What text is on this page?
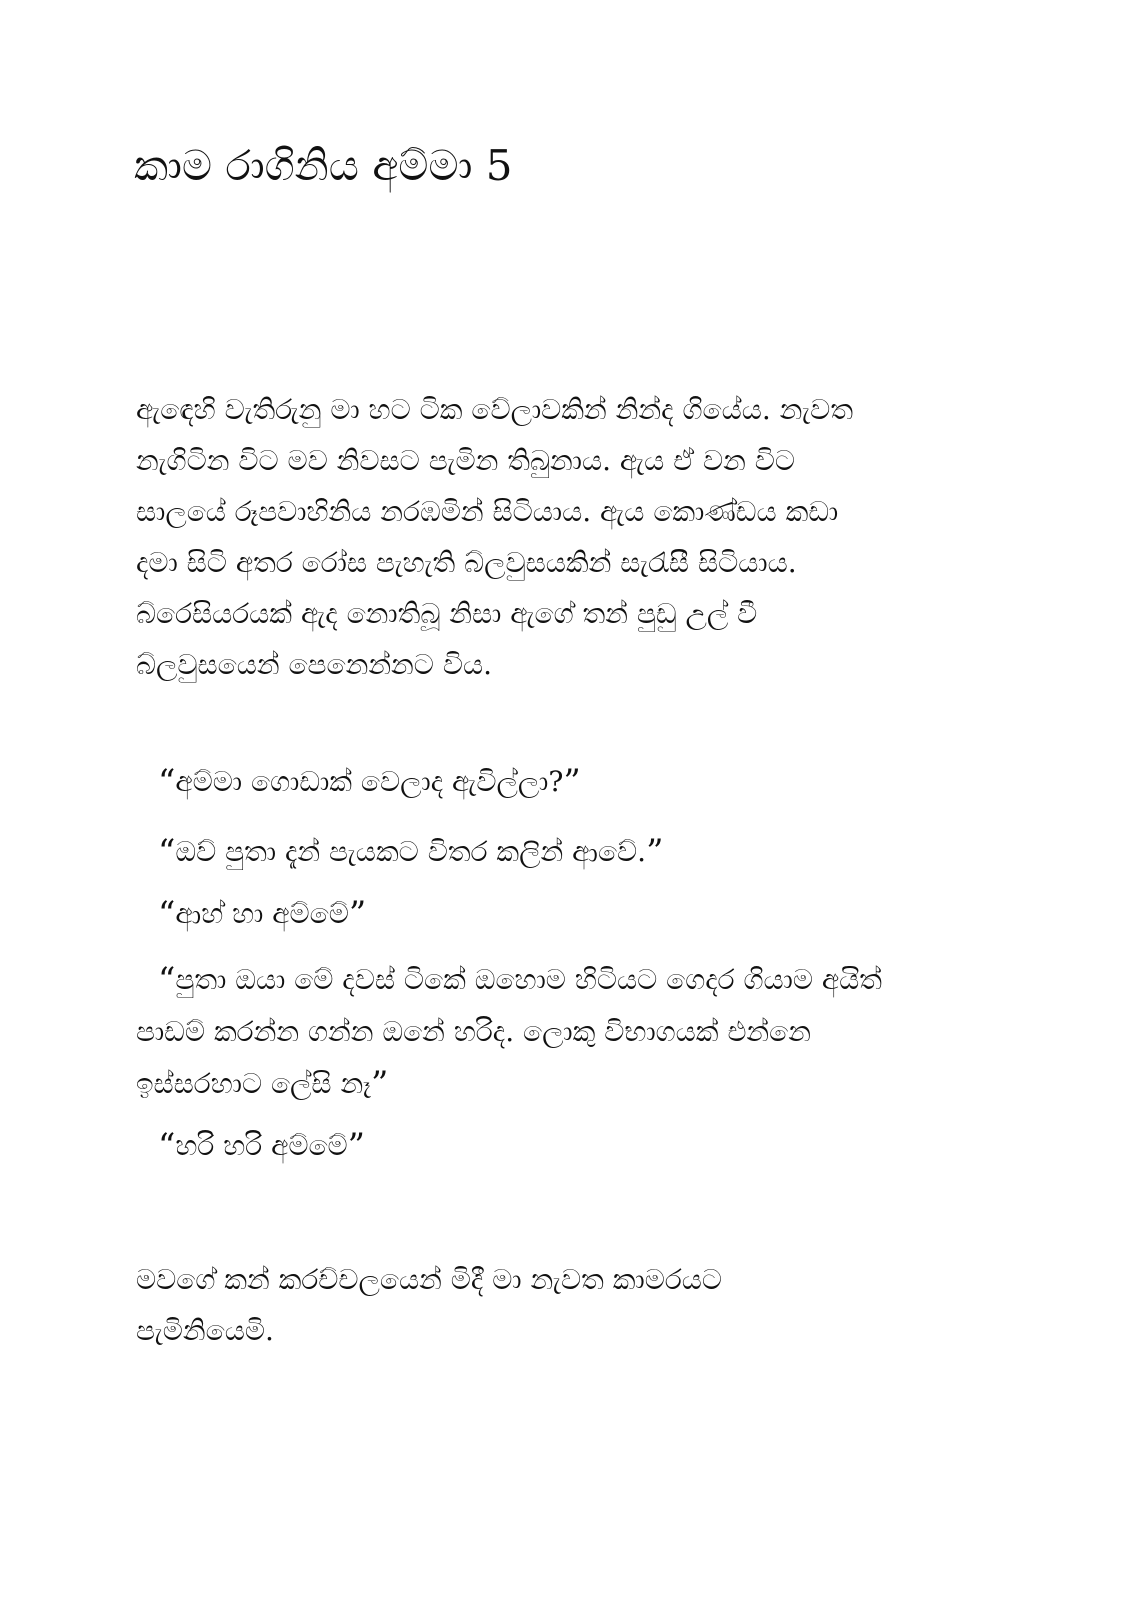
කාම රාගිනිය අම්මා 5

ඇඳෙහි වැතිරුනු මා හට ටික වේලාවකින් නින්ද ගියේය. නැවත
නැගිටින විට මව නිවසට පැමින තිබුනාය. ඇය ඒ වන විට
සාලයේ රූපවාහිනිය නරඹමින් සිටියාය. ඇය කොණ්ඩය කඩා
දමා සිටි අතර රෝස පැහැති බ්ලවුසයකින් සැරැසී සිටියාය.
බ්රෙසියරයක් ඇද නොතිබූ නිසා ඇගේ තන් පුඩු උල් වී
බ්ලවුසයෙන් පෙනෙන්නට විය.

“අම්මා ගොඩාක් වෙලාද ඇවිල්ලා?”

“ඔව් පුතා දැන් පැයකට විතර කලින් ආවේ.”

“ආහ් හා අම්මේ”

“පුතා ඔයා මේ දවස් ටිකේ ඔහොම හිටියට ගෙදර ගියාම අයිත්
පාඩම් කරන්න ගන්න ඔනේ හරිද. ලොකු විභාගයක් එන්නෙ
ඉස්සරහාට ලේසි නෑ”

“හරි හරි අම්මේ”

මවගේ කන් කරච්චලයෙන් මිදී මා නැවත කාමරයට
පැමිනියෙමි.
